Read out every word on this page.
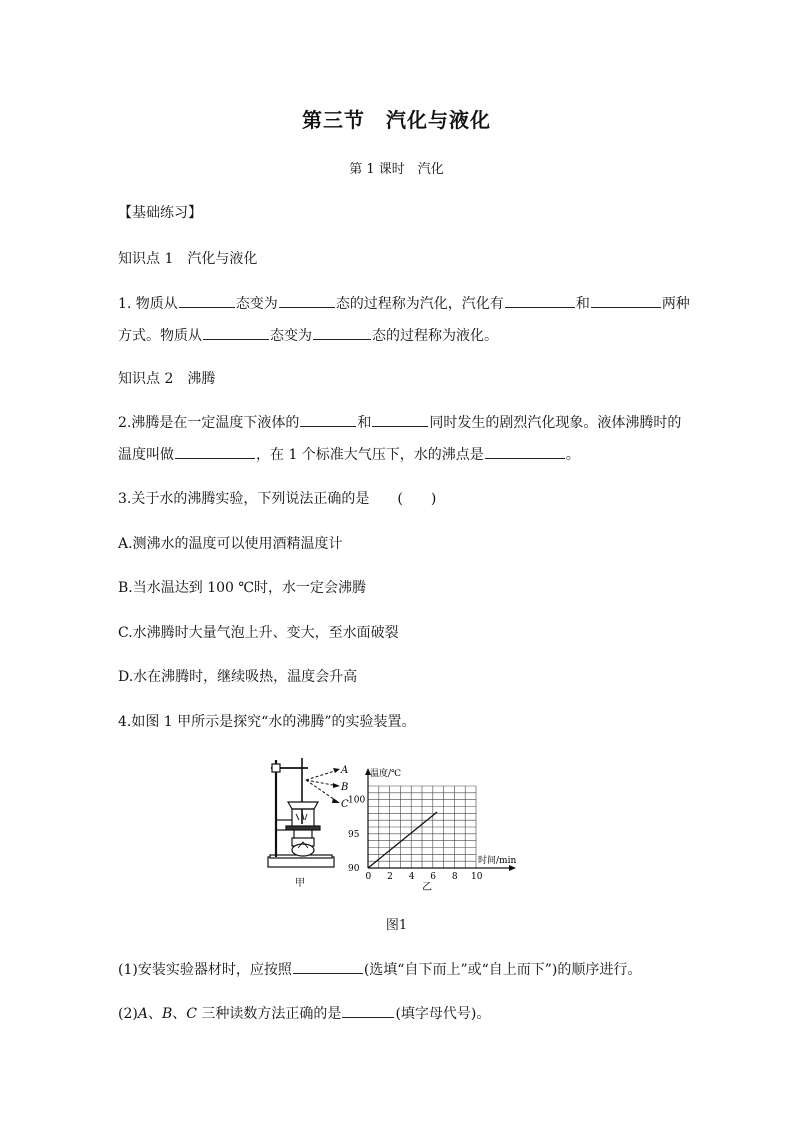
第三节　汽化与液化
第 1 课时　汽化
【基础练习】
知识点 1　汽化与液化
1. 物质从	态变为	态的过程称为汽化，汽化有	和	两种
方式。物质从	态变为	态的过程称为液化。
知识点 2　沸腾
2.沸腾是在一定温度下液体的	和	同时发生的剧烈汽化现象。液体沸腾时的
温度叫做	，在 1 个标准大气压下，水的沸点是	。
3.关于水的沸腾实验，下列说法正确的是　　(　　)
A.测沸水的温度可以使用酒精温度计
B.当水温达到 100 ℃时，水一定会沸腾
C.水沸腾时大量气泡上升、变大，至水面破裂
D.水在沸腾时，继续吸热，温度会升高
4.如图 1 甲所示是探究“水的沸腾”的实验装置。
A
B
C
甲
0 2 4 6 8 10
90
95
100
温度/℃
时间/min
乙
图1
(1)安装实验器材时，应按照	(选填“自下而上”或“自上而下”)的顺序进行。
(2)A、B、C 三种读数方法正确的是	(填字母代号)。
